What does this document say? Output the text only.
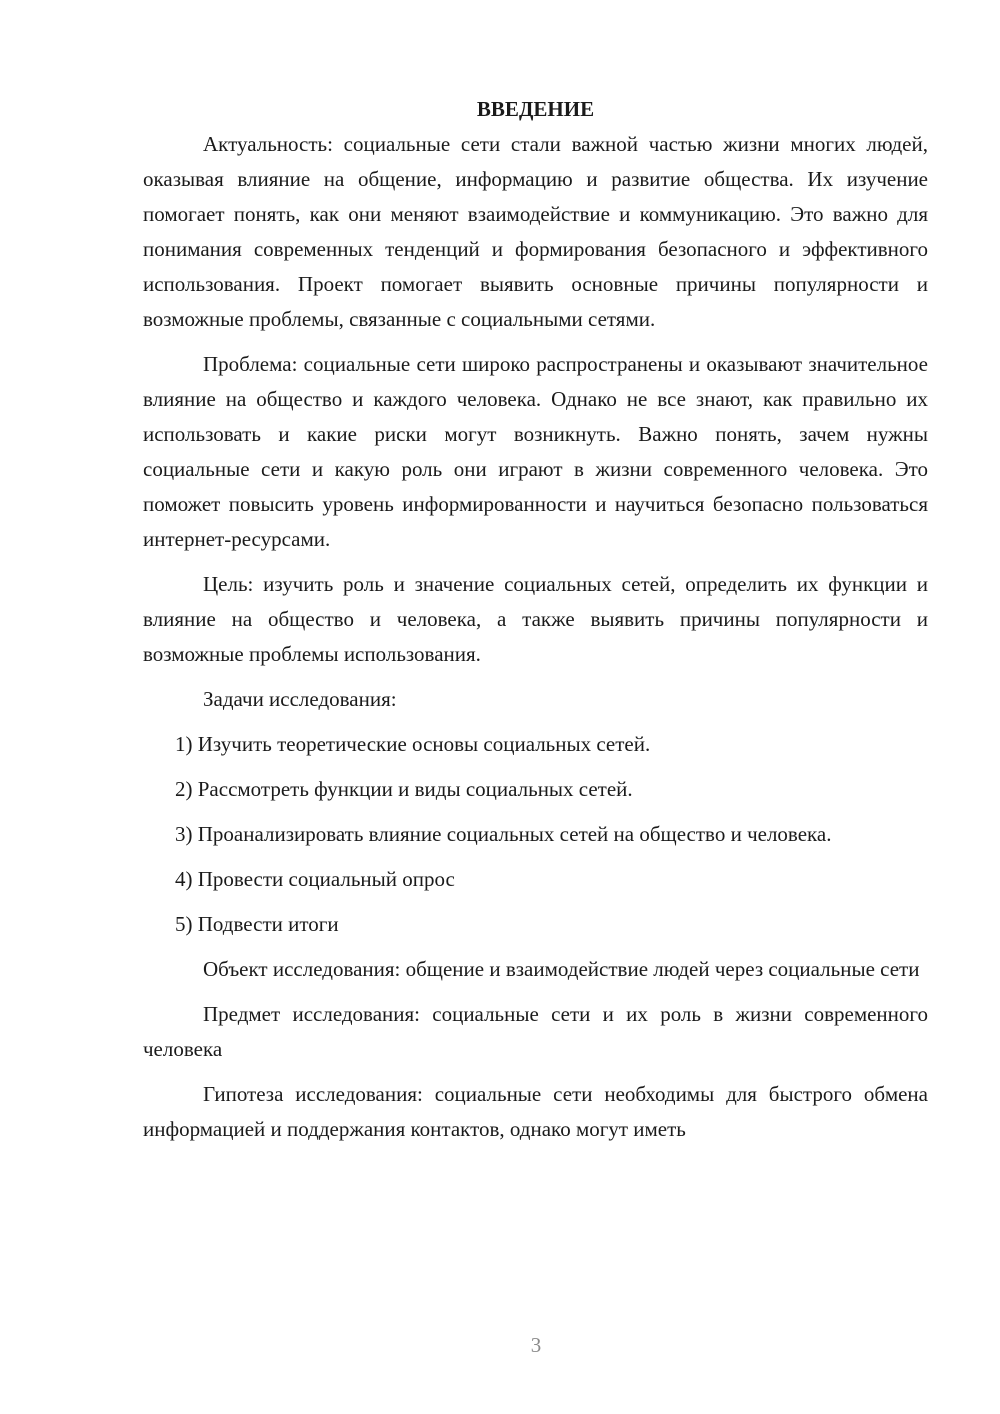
ВВЕДЕНИЕ

Актуальность: социальные сети стали важной частью жизни многих людей, оказывая влияние на общение, информацию и развитие общества. Их изучение помогает понять, как они меняют взаимодействие и коммуникацию. Это важно для понимания современных тенденций и формирования безопасного и эффективного использования. Проект помогает выявить основные причины популярности и возможные проблемы, связанные с социальными сетями.

Проблема: социальные сети широко распространены и оказывают значительное влияние на общество и каждого человека. Однако не все знают, как правильно их использовать и какие риски могут возникнуть. Важно понять, зачем нужны социальные сети и какую роль они играют в жизни современного человека. Это поможет повысить уровень информированности и научиться безопасно пользоваться интернет-ресурсами.

Цель: изучить роль и значение социальных сетей, определить их функции и влияние на общество и человека, а также выявить причины популярности и возможные проблемы использования.

Задачи исследования:

1) Изучить теоретические основы социальных сетей.

2) Рассмотреть функции и виды социальных сетей.

3) Проанализировать влияние социальных сетей на общество и человека.

4) Провести социальный опрос

5) Подвести итоги

Объект исследования: общение и взаимодействие людей через социальные сети

Предмет исследования: социальные сети и их роль в жизни современного человека

Гипотеза исследования: социальные сети необходимы для быстрого обмена информацией и поддержания контактов, однако могут иметь

3
